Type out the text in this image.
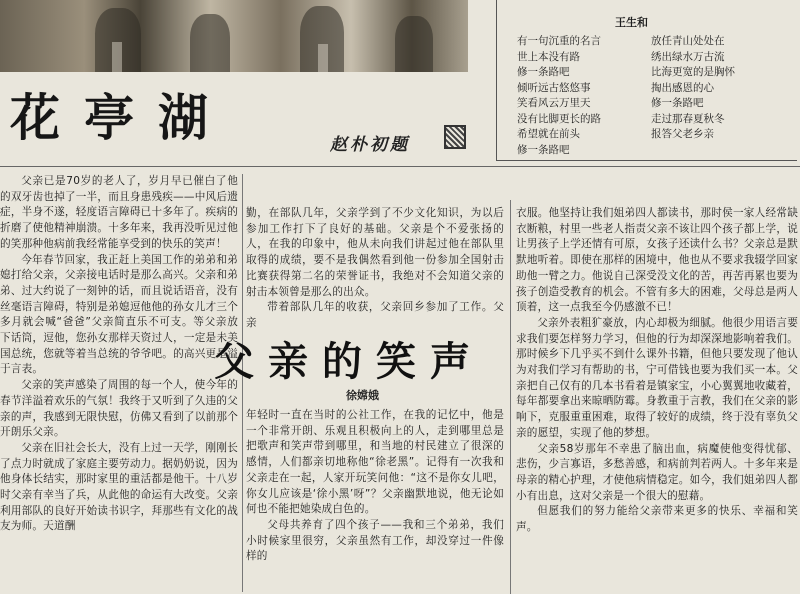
花亭湖	赵朴初题
王生和
有一句沉重的名言
世上本没有路
修一条路吧
倾听远古悠悠事
笑看风云万里天
没有比脚更长的路
希望就在前头
修一条路吧
放任青山处处在
绣出绿水万古流
比海更宽的是胸怀
掏出感恩的心
修一条路吧
走过那春夏秋冬
报答父老乡亲

父亲已是70岁的老人了，岁月早已催白了他的双牙齿也掉了一半，而且身患残疾——中风后遗症，半身不遂，轻度语言障碍已十多年了。疾病的折磨了使他精神崩溃。十多年来，我再没听见过他的笑那种他病前我经常能享受到的快乐的笑声！

今年春节回家，我正赶上美国工作的弟弟和弟媳打给父亲，父亲接电话时是那么高兴。父亲和弟弟、过大约说了一刻钟的话，而且说话语音，没有丝毫语言障碍，特别是弟媳逗他他的孙女儿才三个多月就会喊“爸爸”父亲简直乐不可支。等父亲放下话筒，逗他，您孙女那样天资过人，一定是未美国总统，您就等着当总统的爷爷吧。的高兴更是溢于言表。

父亲的笑声感染了周围的每一个人，使今年的春节洋溢着欢乐的气氛！我终于又听到了久违的父亲的声，我感到无限快慰，仿佛又看到了以前那个开朗乐父亲。

父亲在旧社会长大，没有上过一天学，刚刚长了点力时就成了家庭主要劳动力。据奶奶说，因为他身体长结实，那时家里的重活都是他干。十八岁时父亲有幸当了兵，从此他的命运有大改变。父亲利用部队的良好开始读书识字，拜那些有文化的战友为师。天道酬

勤，在部队几年，父亲学到了不少文化知识，为以后参加工作打下了良好的基础。父亲是个不爱张扬的人，在我的印象中，他从未向我们讲起过他在部队里取得的成绩，要不是我偶然看到他一份参加全国射击比赛获得第二名的荣誉证书，我绝对不会知道父亲的射击本领曾是那么的出众。

带着部队几年的收获，父亲回乡参加了工作。父亲

父亲的笑声
徐嫦娥

年轻时一直在当时的公社工作，在我的记忆中，他是一个非常开朗、乐观且积极向上的人，走到哪里总是把歌声和笑声带到哪里，和当地的村民建立了很深的感情，人们都亲切地称他“徐老黑”。记得有一次我和父亲走在一起，人家开玩笑问他：“这不是你女儿吧，你女儿应该是‘徐小黑’呀”？父亲幽默地说，他无论如何也不能把她染成白色的。

父母共养育了四个孩子——我和三个弟弟，我们小时候家里很穷，父亲虽然有工作，却没穿过一件像样的

衣服。他坚持让我们姐弟四人都读书，那时侯一家人经常缺衣断粮，村里一些老人指责父亲不该让四个孩子都上学，说让男孩子上学还情有可原，女孩子还读什么书？父亲总是默默地听着。即使在那样的困境中，他也从不要求我辍学回家助他一臂之力。他说自己深受没文化的苦，再苦再累也要为孩子创造受教育的机会。不管有多大的困难，父母总是两人顶着，这一点我至今仍感激不已！

父亲外表粗犷豪放，内心却极为细腻。他很少用语言要求我们要怎样努力学习，但他的行为却深深地影响着我们。那时候乡下几乎买不到什么课外书籍，但他只要发现了他认为对我们学习有帮助的书，宁可借钱也要为我们买一本。父亲把自己仅有的几本书看着是镇家宝，小心翼翼地收藏着，每年都要拿出来晾晒防霉。身教重于言教，我们在父亲的影响下，克服重重困难，取得了较好的成绩，终于没有辜负父亲的愿望，实现了他的梦想。

父亲58岁那年不幸患了脑出血，病魔使他变得忧郁、悲伤，少言寡语，多愁善感，和病前判若两人。十多年来是母亲的精心护理，才使他病情稳定。如今，我们姐弟四人都小有出息，这对父亲是一个很大的慰藉。

但愿我们的努力能给父亲带来更多的快乐、幸福和笑声。
